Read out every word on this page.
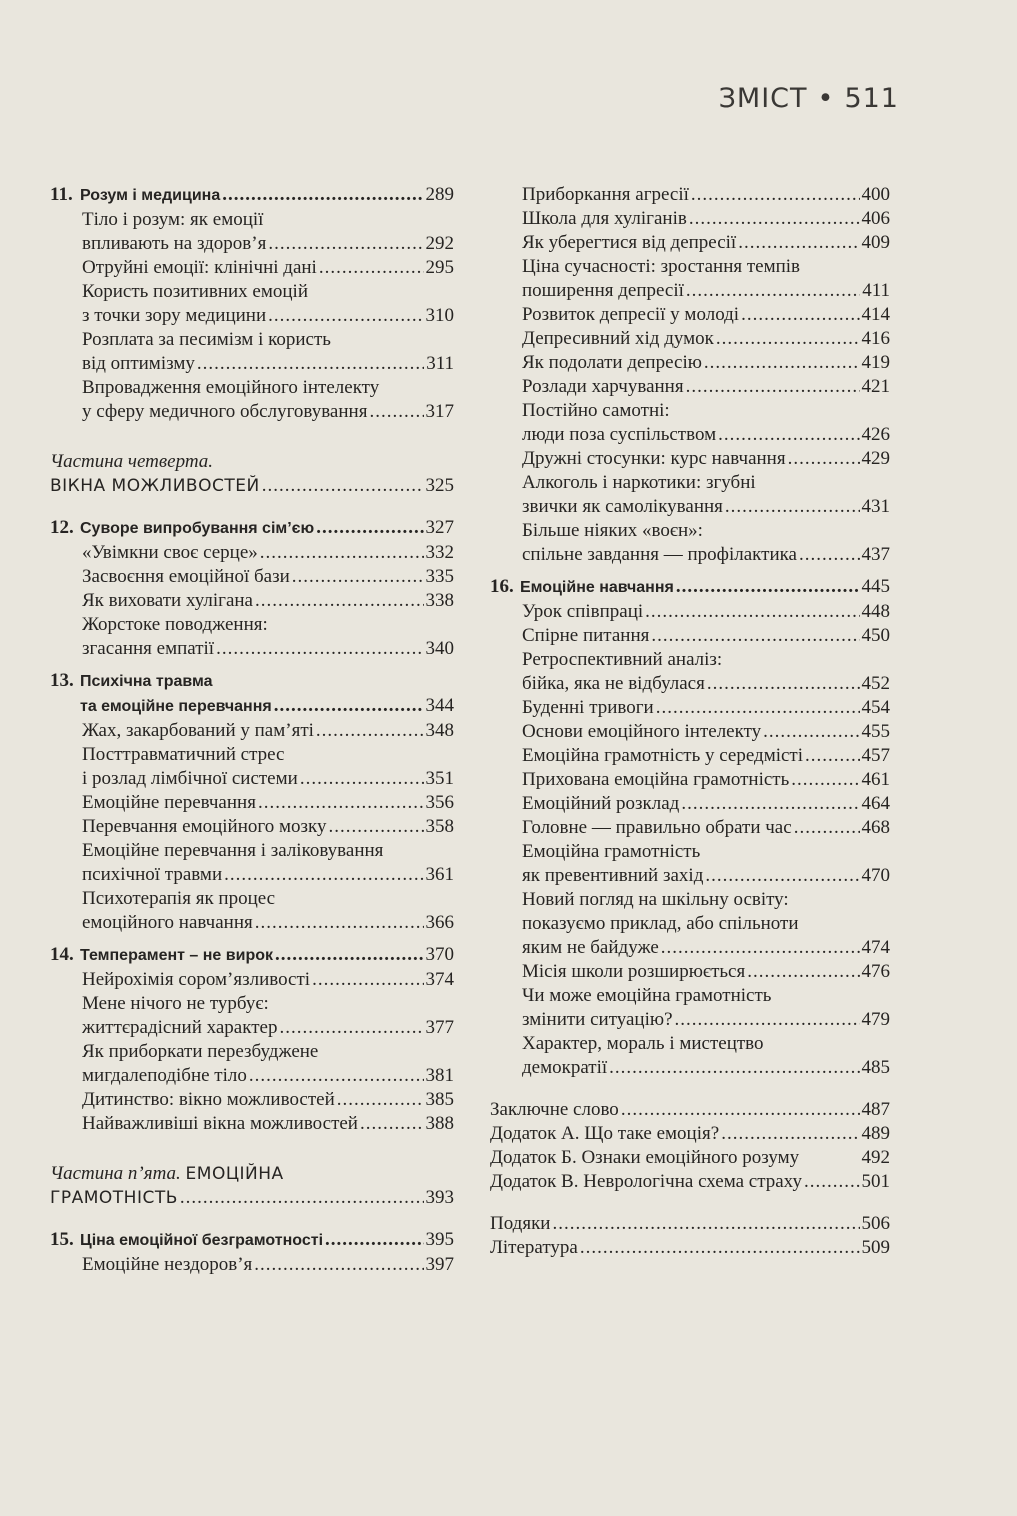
ЗМІСТ • 511
11. Розум і медицина .....	289
Тіло і розум: як емоції
впливають на здоров’я .....	292
Отруйні емоції: клінічні дані .....	295
Користь позитивних емоцій
з точки зору медицини .....	310
Розплата за песимізм і користь
від оптимізму .....	311
Впровадження емоційного інтелекту
у сферу медичного обслуговування .....	317
Частина четверта.
ВІКНА МОЖЛИВОСТЕЙ .....	325
12. Суворе випробування сім’єю .....	327
«Увімкни своє серце» .....	332
Засвоєння емоційної бази .....	335
Як виховати хулігана .....	338
Жорстоке поводження:
згасання емпатії .....	340
13. Психічна травма
та емоційне перевчання .....	344
Жах, закарбований у пам’яті .....	348
Посттравматичний стрес
і розлад лімбічної системи .....	351
Емоційне перевчання .....	356
Перевчання емоційного мозку .....	358
Емоційне перевчання і заліковування
психічної травми .....	361
Психотерапія як процес
емоційного навчання .....	366
14. Темперамент – не вирок .....	370
Нейрохімія сором’язливості .....	374
Мене нічого не турбує:
життєрадісний характер .....	377
Як приборкати перезбуджене
мигдалеподібне тіло .....	381
Дитинство: вікно можливостей .....	385
Найважливіші вікна можливостей .....	388
Частина п’ята. ЕМОЦІЙНА
ГРАМОТНІСТЬ .....	393
15. Ціна емоційної безграмотності .....	395
Емоційне нездоров’я .....	397
Приборкання агресії .....	400
Школа для хуліганів .....	406
Як уберегтися від депресії .....	409
Ціна сучасності: зростання темпів
поширення депресії .....	411
Розвиток депресії у молоді .....	414
Депресивний хід думок .....	416
Як подолати депресію .....	419
Розлади харчування .....	421
Постійно самотні:
люди поза суспільством .....	426
Дружні стосунки: курс навчання .....	429
Алкоголь і наркотики: згубні
звички як самолікування .....	431
Більше ніяких «воєн»:
спільне завдання — профілактика .....	437
16. Емоційне навчання .....	445
Урок співпраці .....	448
Спірне питання .....	450
Ретроспективний аналіз:
бійка, яка не відбулася .....	452
Буденні тривоги .....	454
Основи емоційного інтелекту .....	455
Емоційна грамотність у середмісті .....	457
Прихована емоційна грамотність .....	461
Емоційний розклад .....	464
Головне — правильно обрати час .....	468
Емоційна грамотність
як превентивний захід .....	470
Новий погляд на шкільну освіту:
показуємо приклад, або спільноти
яким не байдуже .....	474
Місія школи розширюється .....	476
Чи може емоційна грамотність
змінити ситуацію? .....	479
Характер, мораль і мистецтво
демократії .....	485
Заключне слово .....	487
Додаток А. Що таке емоція? .....	489
Додаток Б. Ознаки емоційного розуму	492
Додаток В. Неврологічна схема страху .....	501
Подяки .....	506
Література .....	509
